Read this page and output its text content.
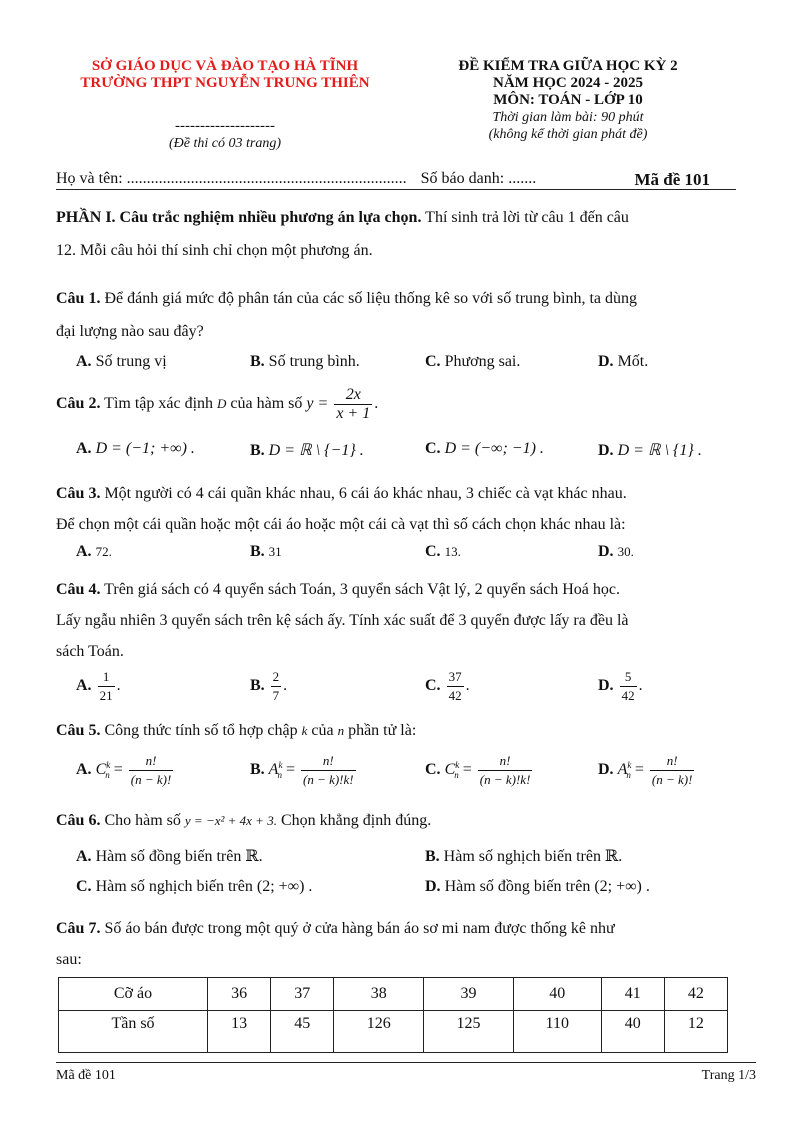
SỞ GIÁO DỤC VÀ ĐÀO TẠO HÀ TĨNH
TRƯỜNG THPT NGUYỄN TRUNG THIÊN
--------------------
(Đề thi có 03 trang)
ĐỀ KIỂM TRA GIỮA HỌC KỲ 2
NĂM HỌC 2024 - 2025
MÔN: TOÁN - LỚP 10
Thời gian làm bài: 90 phút
(không kể thời gian phát đề)
Họ và tên: ...................................................................... Số báo danh: .......	Mã đề 101
PHẦN I. Câu trắc nghiệm nhiều phương án lựa chọn. Thí sinh trả lời từ câu 1 đến câu
12. Mỗi câu hỏi thí sinh chỉ chọn một phương án.
Câu 1. Để đánh giá mức độ phân tán của các số liệu thống kê so với số trung bình, ta dùng
đại lượng nào sau đây?
A. Số trung vị	B. Số trung bình.	C. Phương sai.	D. Mốt.
Câu 2. Tìm tập xác định D của hàm số $y = \frac{2x}{x + 1}$ .
A. D = (−1; +∞) .	B. D = ℝ \ {−1} .	C. D = (−∞; −1) .	D. D = ℝ \ {1} .
Câu 3. Một người có 4 cái quần khác nhau, 6 cái áo khác nhau, 3 chiếc cà vạt khác nhau.
Để chọn một cái quần hoặc một cái áo hoặc một cái cà vạt thì số cách chọn khác nhau là:
A. 72.	B. 31	C. 13.	D. 30.
Câu 4. Trên giá sách có 4 quyển sách Toán, 3 quyển sách Vật lý, 2 quyển sách Hoá học.
Lấy ngẫu nhiên 3 quyển sách trên kệ sách ấy. Tính xác suất để 3 quyển được lấy ra đều là
sách Toán.
A. $\frac{1}{21}$ .	B. $\frac{2}{7}$ .	C. $\frac{37}{42}$ .	D. $\frac{5}{42}$ .
Câu 5. Công thức tính số tổ hợp chập k của n phần tử là:
A. $C^k_n = \frac{n!}{(n - k)!}$	B. $A^k_n = \frac{n!}{(n - k)!k!}$	C. $C^k_n = \frac{n!}{(n - k)!k!}$	D. $A^k_n = \frac{n!}{(n - k)!}$
Câu 6. Cho hàm số y = −x² + 4x + 3. Chọn khẳng định đúng.
A. Hàm số đồng biến trên ℝ.	B. Hàm số nghịch biến trên ℝ.
C. Hàm số nghịch biến trên (2; +∞) .	D. Hàm số đồng biến trên (2; +∞) .
Câu 7. Số áo bán được trong một quý ở cửa hàng bán áo sơ mi nam được thống kê như
sau:
Cỡ áo	36	37	38	39	40	41	42
Tần số	13	45	126	125	110	40	12
Mã đề 101	Trang 1/3
